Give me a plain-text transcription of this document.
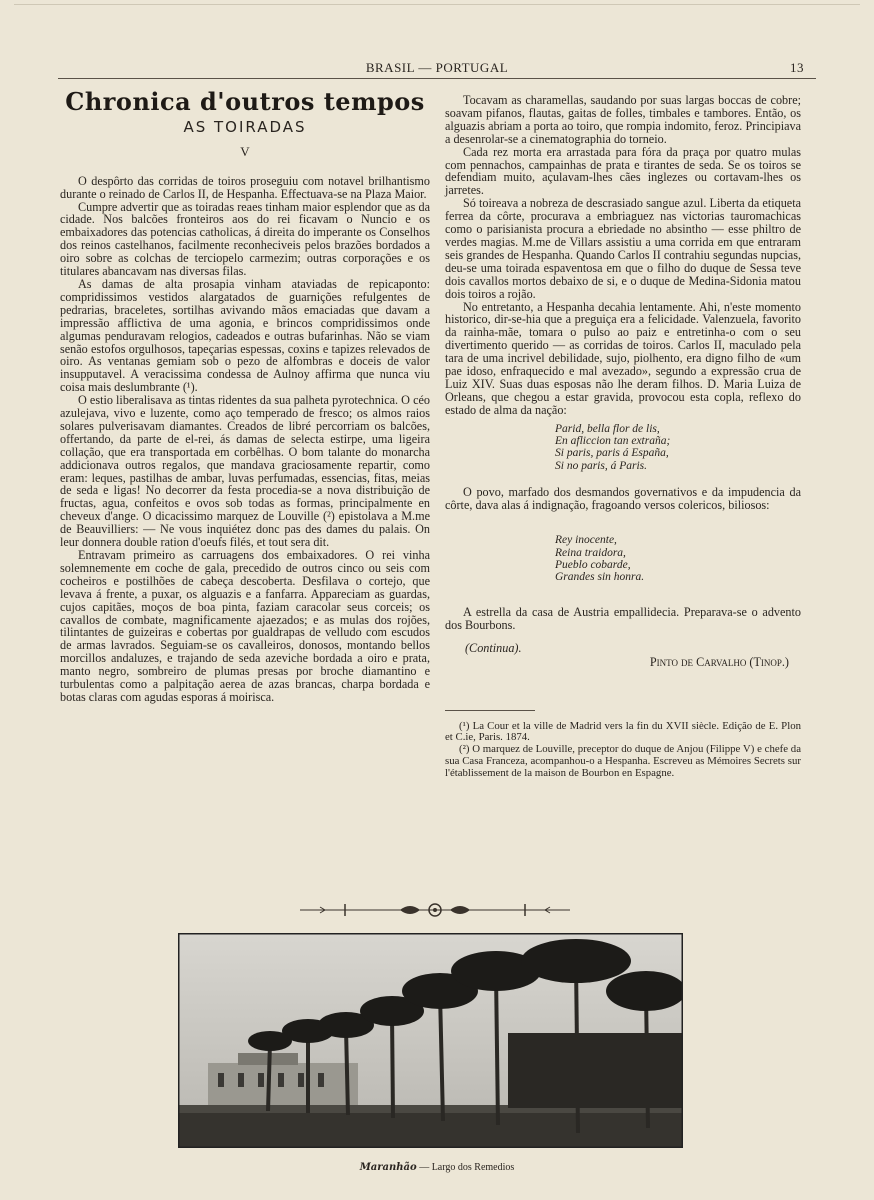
BRASIL — PORTUGAL	13
Chronica d'outros tempos
AS TOIRADAS
V

O despôrto das corridas de toiros proseguiu com notavel brilhantismo durante o reinado de Carlos II, de Hespanha. Effectuava-se na Plaza Maior.

Cumpre advertir que as toiradas reaes tinham maior esplendor que as da cidade. Nos balcões fronteiros aos do rei ficavam o Nuncio e os embaixadores das potencias catholicas, á direita do imperante os Conselhos dos reinos castelhanos, facilmente reconheciveis pelos brazões bordados a oiro sobre as colchas de terciopelo carmezim; outras corporações e os titulares abancavam nas diversas filas.

As damas de alta prosapia vinham ataviadas de repicaponto: compridissimos vestidos alargatados de guarnições refulgentes de pedrarias, braceletes, sortilhas avivando mãos emaciadas que davam a impressão afflictiva de uma agonia, e brincos compridissimos onde algumas penduravam relogios, cadeados e outras bufarinhas. Não se viam senão estofos orgulhosos, tapeçarias espessas, coxins e tapizes relevados de oiro. As ventanas gemiam sob o pezo de alfombras e doceis de valor insupputavel. A veracissima condessa de Aulnoy affirma que nunca viu coisa mais deslumbrante (¹).

O estio liberalisava as tintas ridentes da sua palheta pyrotechnica. O céo azulejava, vivo e luzente, como aço temperado de fresco; os almos raios solares pulverisavam diamantes. Creados de libré percorriam os balcões, offertando, da parte de el-rei, ás damas de selecta estirpe, uma ligeira collação, que era transportada em corbêlhas. O bom talante do monarcha addicionava outros regalos, que mandava graciosamente repartir, como eram: leques, pastilhas de ambar, luvas perfumadas, essencias, fitas, meias de seda e ligas! No decorrer da festa procedia-se a nova distribuição de fructas, agua, confeitos e ovos sob todas as formas, principalmente en cheveux d'ange. O dicacissimo marquez de Louville (²) epistolava a M.me de Beauvilliers: — Ne vous inquiétez donc pas des dames du palais. On leur donnera double ration d'oeufs filés, et tout sera dit.

Entravam primeiro as carruagens dos embaixadores. O rei vinha solemnemente em coche de gala, precedido de outros cinco ou seis com cocheiros e postilhões de cabeça descoberta. Desfilava o cortejo, que levava á frente, a puxar, os alguazis e a fanfarra. Appareciam as guardas, cujos capitães, moços de boa pinta, faziam caracolar seus corceis; os cavallos de combate, magnificamente ajaezados; e as mulas dos rojões, tilintantes de guizeiras e cobertas por gualdrapas de velludo com escudos de armas lavrados. Seguiam-se os cavalleiros, donosos, montando bellos morcillos andaluzes, e trajando de seda azeviche bordada a oiro e prata, manto negro, sombreiro de plumas presas por broche diamantino e turbulentas como a palpitação aerea de azas brancas, charpa bordada e botas claras com agudas esporas á moirisca.

Tocavam as charamellas, saudando por suas largas boccas de cobre; soavam pifanos, flautas, gaitas de folles, timbales e tambores. Então, os alguazis abriam a porta ao toiro, que rompia indomito, feroz. Principiava a desenrolar-se a cinematographia do torneio.

Cada rez morta era arrastada para fóra da praça por quatro mulas com pennachos, campainhas de prata e tirantes de seda. Se os toiros se defendiam muito, açulavam-lhes cães inglezes ou cortavam-lhes os jarretes.

Só toireava a nobreza de descrasiado sangue azul. Liberta da etiqueta ferrea da côrte, procurava a embriaguez nas victorias tauromachicas como o parisianista procura a ebriedade no absintho — esse philtro de verdes magias. M.me de Villars assistiu a uma corrida em que entraram seis grandes de Hespanha. Quando Carlos II contrahiu segundas nupcias, deu-se uma toirada espaventosa em que o filho do duque de Sessa teve dois cavallos mortos debaixo de si, e o duque de Medina-Sidonia matou dois toiros a rojão.

No entretanto, a Hespanha decahia lentamente. Ahi, n'este momento historico, dir-se-hia que a preguiça era a felicidade. Valenzuela, favorito da rainha-mãe, tomara o pulso ao paiz e entretinha-o com o seu divertimento querido — as corridas de toiros. Carlos II, maculado pela tara de uma incrivel debilidade, sujo, piolhento, era digno filho de «um pae idoso, enfraquecido e mal avezado», segundo a expressão crua de Luiz XIV. Suas duas esposas não lhe deram filhos. D. Maria Luiza de Orleans, que chegou a estar gravida, provocou esta copla, reflexo do estado de alma da nação:

Parid, bella flor de lis,
En afliccion tan extraña;
Si paris, paris á España,
Si no paris, á Paris.

O povo, marfado dos desmandos governativos e da impudencia da côrte, dava alas á indignação, fragoando versos colericos, biliosos:

Rey inocente,
Reina traidora,
Pueblo cobarde,
Grandes sin honra.

A estrella da casa de Austria empallidecia. Preparava-se o advento dos Bourbons.

(Continua).
Pinto de Carvalho (Tinop.)

(¹) La Cour et la ville de Madrid vers la fin du XVII siècle. Edição de E. Plon et C.ie, Paris. 1874.

(²) O marquez de Louville, preceptor do duque de Anjou (Filippe V) e chefe da sua Casa Franceza, acompanhou-o a Hespanha. Escreveu as Mémoires Secrets sur l'établissement de la maison de Bourbon en Espagne.

Maranhão — Largo dos Remedios
